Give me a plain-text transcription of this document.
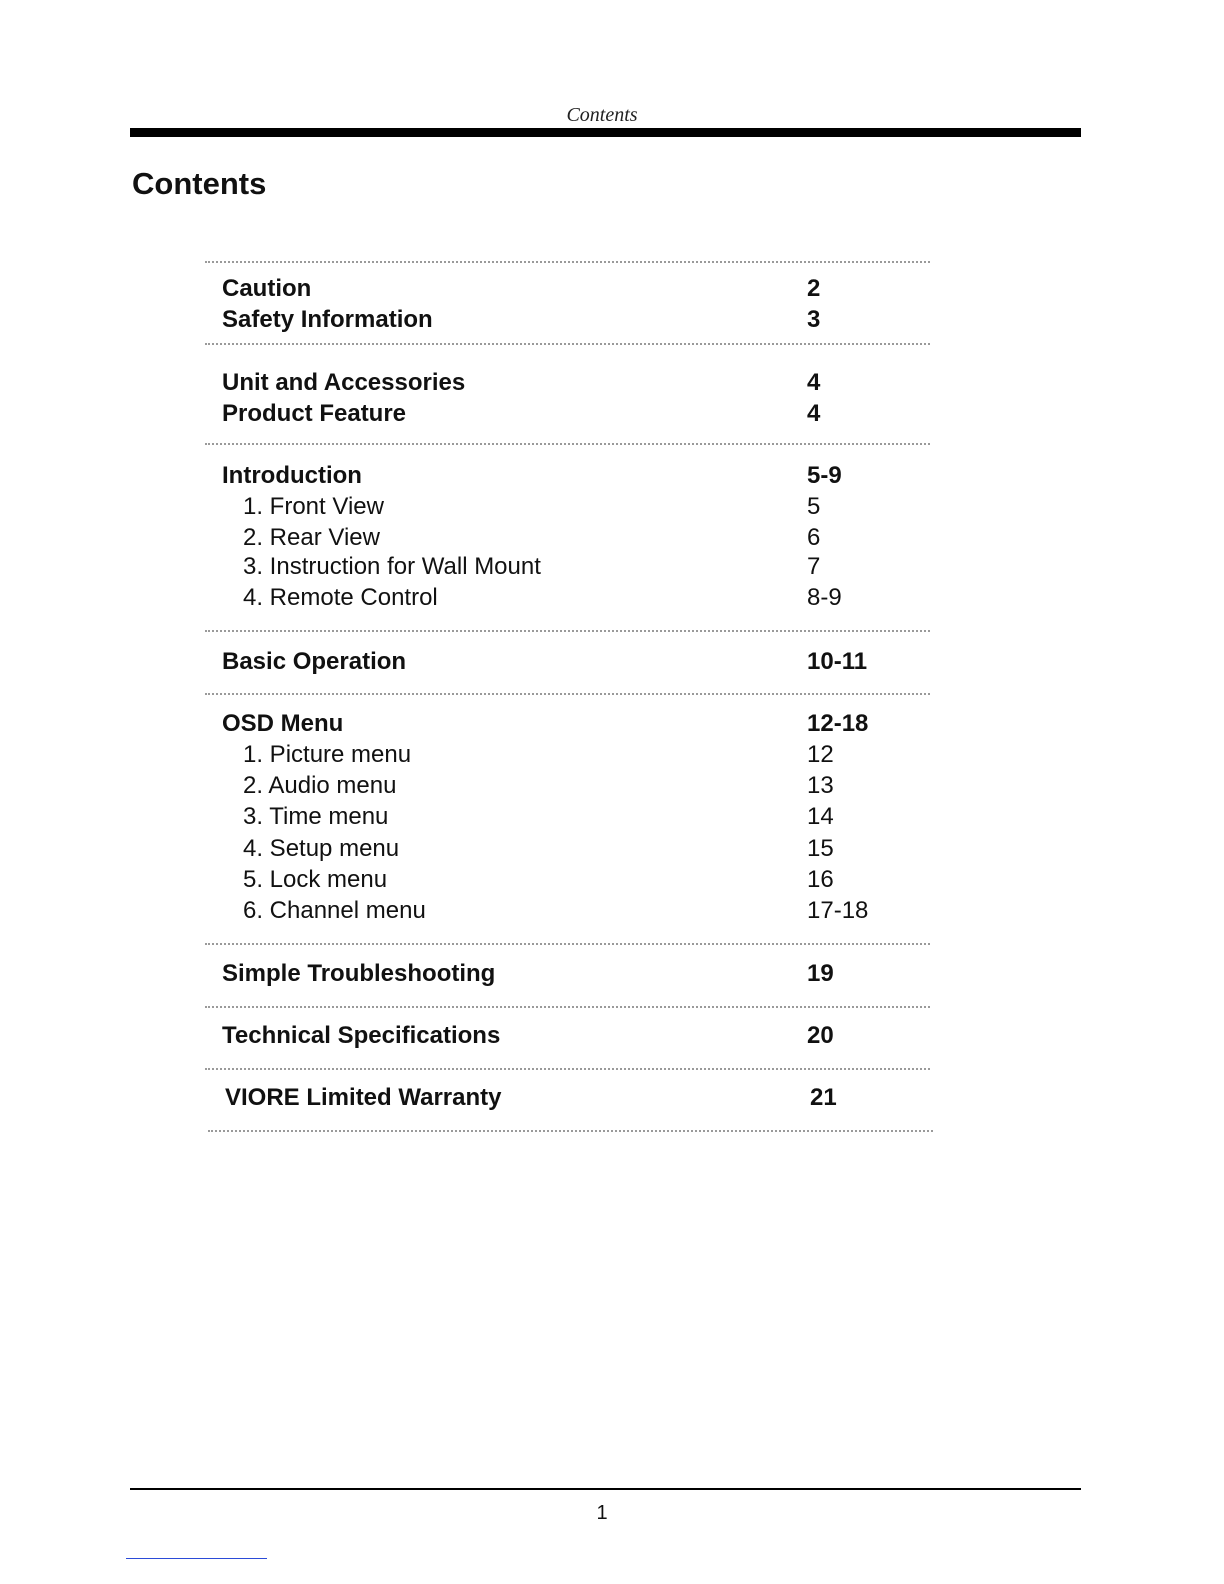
Contents
Contents
Caution	2
Safety Information	3
Unit and Accessories	4
Product Feature	4
Introduction	5-9
1. Front View	5
2. Rear View	6
3. Instruction for Wall Mount	7
4. Remote Control	8-9
Basic Operation	10-11
OSD Menu	12-18
1. Picture menu	12
2. Audio menu	13
3. Time menu	14
4. Setup menu	15
5. Lock menu	16
6. Channel menu	17-18
Simple Troubleshooting	19
Technical Specifications	20
VIORE Limited Warranty	21
1
